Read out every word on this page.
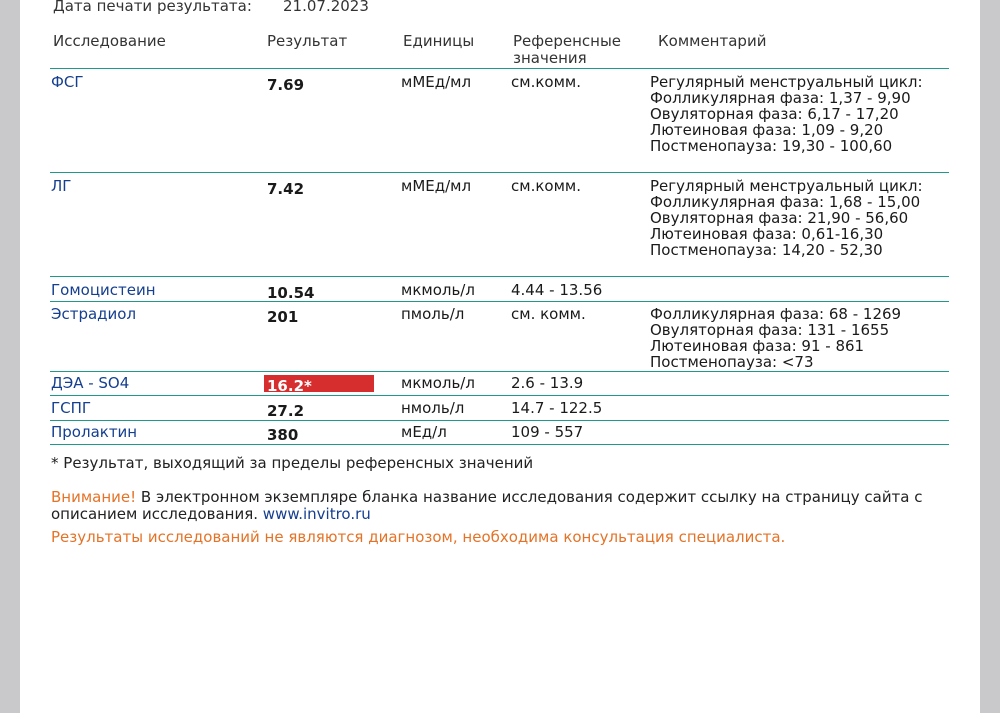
Дата печати результата: 21.07.2023
Исследование	Результат	Единицы	Референсные
значения
Комментарий
ФСГ	7.69	мМЕд/мл	см.комм.	Регулярный менструальный цикл:
Фолликулярная фаза: 1,37 - 9,90
Овуляторная фаза: 6,17 - 17,20
Лютеиновая фаза: 1,09 - 9,20
Постменопауза: 19,30 - 100,60
ЛГ	7.42	мМЕд/мл	см.комм.	Регулярный менструальный цикл:
Фолликулярная фаза: 1,68 - 15,00
Овуляторная фаза: 21,90 - 56,60
Лютеиновая фаза: 0,61-16,30
Постменопауза: 14,20 - 52,30
Гомоцистеин	10.54	мкмоль/л 4.44 - 13.56
Эстрадиол	201	пмоль/л	см. комм.	Фолликулярная фаза: 68 - 1269
Овуляторная фаза: 131 - 1655
Лютеиновая фаза: 91 - 861
Постменопауза: <73
ДЭА - SO4	16.2*	мкмоль/л 2.6 - 13.9
ГСПГ	27.2	нмоль/л	14.7 - 122.5
Пролактин	380	мЕд/л	109 - 557
* Результат, выходящий за пределы референсных значений
Внимание! В электронном экземпляре бланка название исследования содержит ссылку на страницу сайта с описанием исследования. www.invitro.ru
Результаты исследований не являются диагнозом, необходима консультация специалиста.
